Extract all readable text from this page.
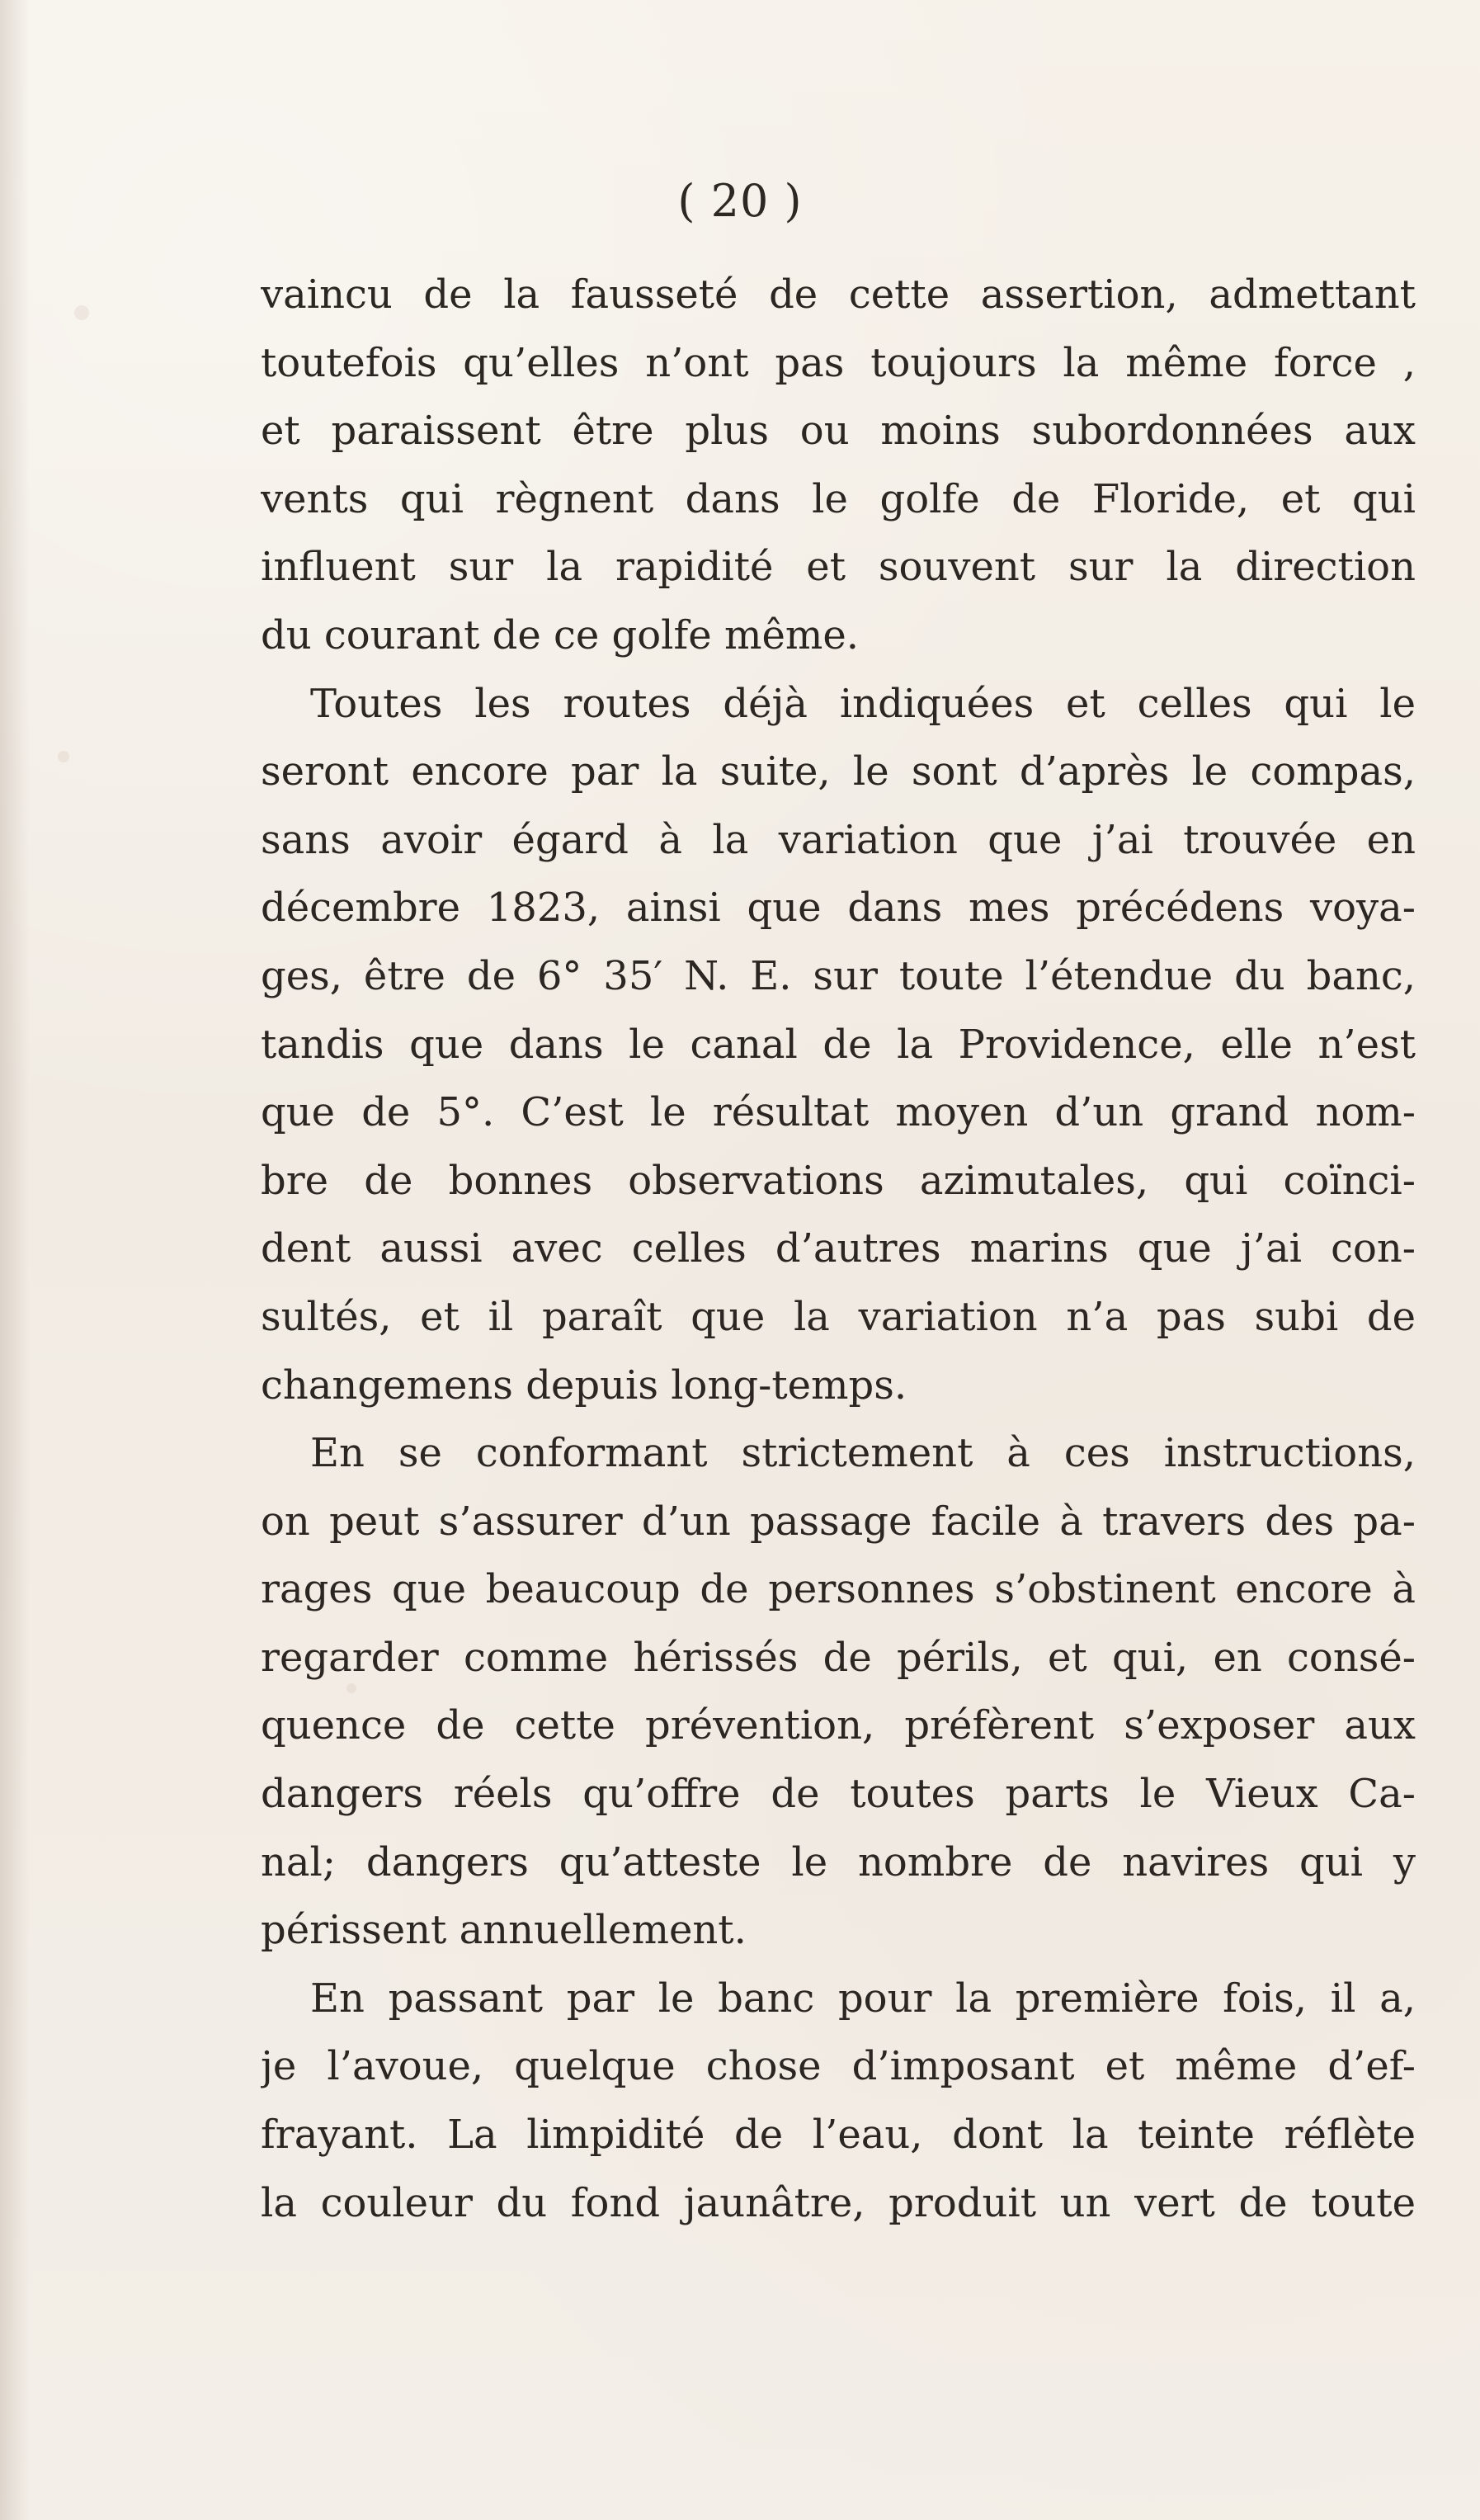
( 20 )
vaincu de la fausseté de cette assertion, admettant
toutefois qu’elles n’ont pas toujours la même force ,
et paraissent être plus ou moins subordonnées aux
vents qui règnent dans le golfe de Floride, et qui
influent sur la rapidité et souvent sur la direction
du courant de ce golfe même.
Toutes les routes déjà indiquées et celles qui le
seront encore par la suite, le sont d’après le compas,
sans avoir égard à la variation que j’ai trouvée en
décembre 1823, ainsi que dans mes précédens voya-
ges, être de 6° 35′ N. E. sur toute l’étendue du banc,
tandis que dans le canal de la Providence, elle n’est
que de 5°. C’est le résultat moyen d’un grand nom-
bre de bonnes observations azimutales, qui coïnci-
dent aussi avec celles d’autres marins que j’ai con-
sultés, et il paraît que la variation n’a pas subi de
changemens depuis long-temps.
En se conformant strictement à ces instructions,
on peut s’assurer d’un passage facile à travers des pa-
rages que beaucoup de personnes s’obstinent encore à
regarder comme hérissés de périls, et qui, en consé-
quence de cette prévention, préfèrent s’exposer aux
dangers réels qu’offre de toutes parts le Vieux Ca-
nal; dangers qu’atteste le nombre de navires qui y
périssent annuellement.
En passant par le banc pour la première fois, il a,
je l’avoue, quelque chose d’imposant et même d’ef-
frayant. La limpidité de l’eau, dont la teinte réflète
la couleur du fond jaunâtre, produit un vert de toute
